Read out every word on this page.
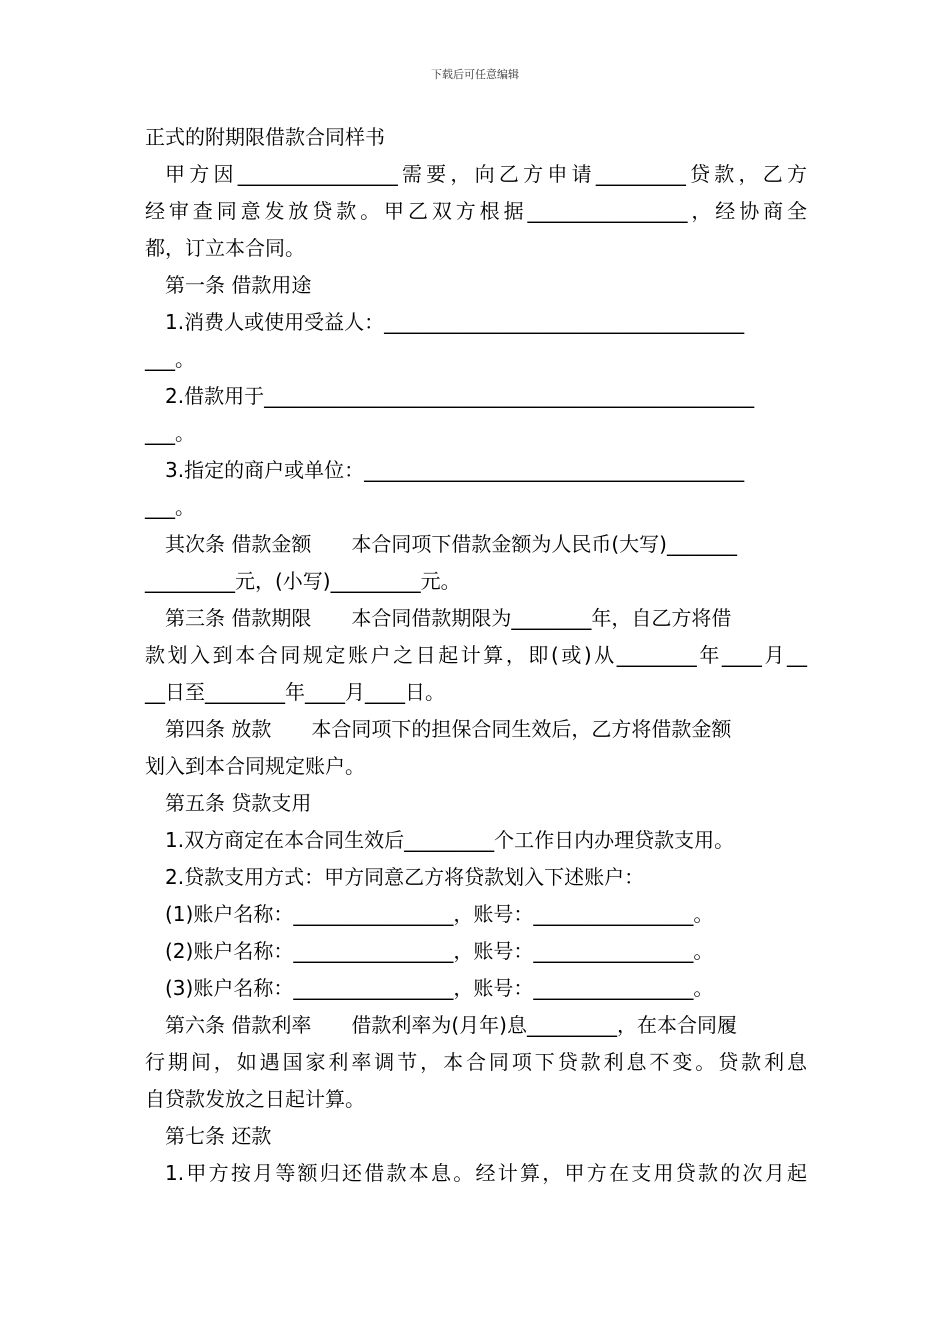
下载后可任意编辑
正式的附期限借款合同样书
甲方因________________需要，向乙方申请_________贷款，乙方
经审查同意发放贷款。甲乙双方根据________________，经协商全
都，订立本合同。
第一条 借款用途
1.消费人或使用受益人：____________________________________
___。
2.借款用于_________________________________________________
___。
3.指定的商户或单位：______________________________________
___。
其次条 借款金额 本合同项下借款金额为人民币(大写)_______
_________元，(小写)_________元。
第三条 借款期限 本合同借款期限为________年，自乙方将借
款划入到本合同规定账户之日起计算，即(或)从________年____月__
__日至________年____月____日。
第四条 放款 本合同项下的担保合同生效后，乙方将借款金额
划入到本合同规定账户。
第五条 贷款支用
1.双方商定在本合同生效后_________个工作日内办理贷款支用。
2.贷款支用方式：甲方同意乙方将贷款划入下述账户：
(1)账户名称：________________，账号：________________。
(2)账户名称：________________，账号：________________。
(3)账户名称：________________，账号：________________。
第六条 借款利率 借款利率为(月年)息_________，在本合同履
行期间，如遇国家利率调节，本合同项下贷款利息不变。贷款利息
自贷款发放之日起计算。
第七条 还款
1.甲方按月等额归还借款本息。经计算，甲方在支用贷款的次月起
